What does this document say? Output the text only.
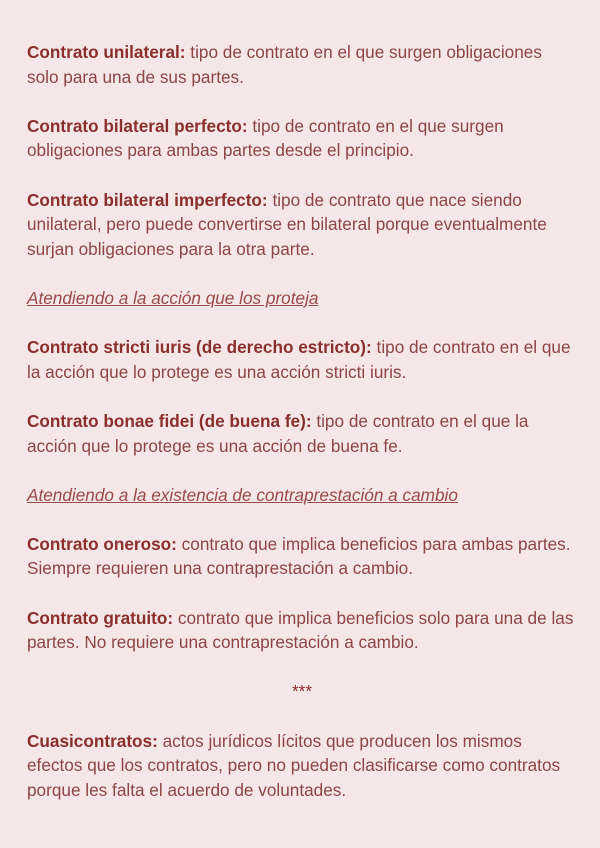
Contrato unilateral: tipo de contrato en el que surgen obligaciones solo para una de sus partes.

Contrato bilateral perfecto: tipo de contrato en el que surgen obligaciones para ambas partes desde el principio.

Contrato bilateral imperfecto: tipo de contrato que nace siendo unilateral, pero puede convertirse en bilateral porque eventualmente surjan obligaciones para la otra parte.

Atendiendo a la acción que los proteja

Contrato stricti iuris (de derecho estricto): tipo de contrato en el que la acción que lo protege es una acción stricti iuris.

Contrato bonae fidei (de buena fe): tipo de contrato en el que la acción que lo protege es una acción de buena fe.

Atendiendo a la existencia de contraprestación a cambio

Contrato oneroso: contrato que implica beneficios para ambas partes. Siempre requieren una contraprestación a cambio.

Contrato gratuito: contrato que implica beneficios solo para una de las partes. No requiere una contraprestación a cambio.

***

Cuasicontratos: actos jurídicos lícitos que producen los mismos efectos que los contratos, pero no pueden clasificarse como contratos porque les falta el acuerdo de voluntades.
